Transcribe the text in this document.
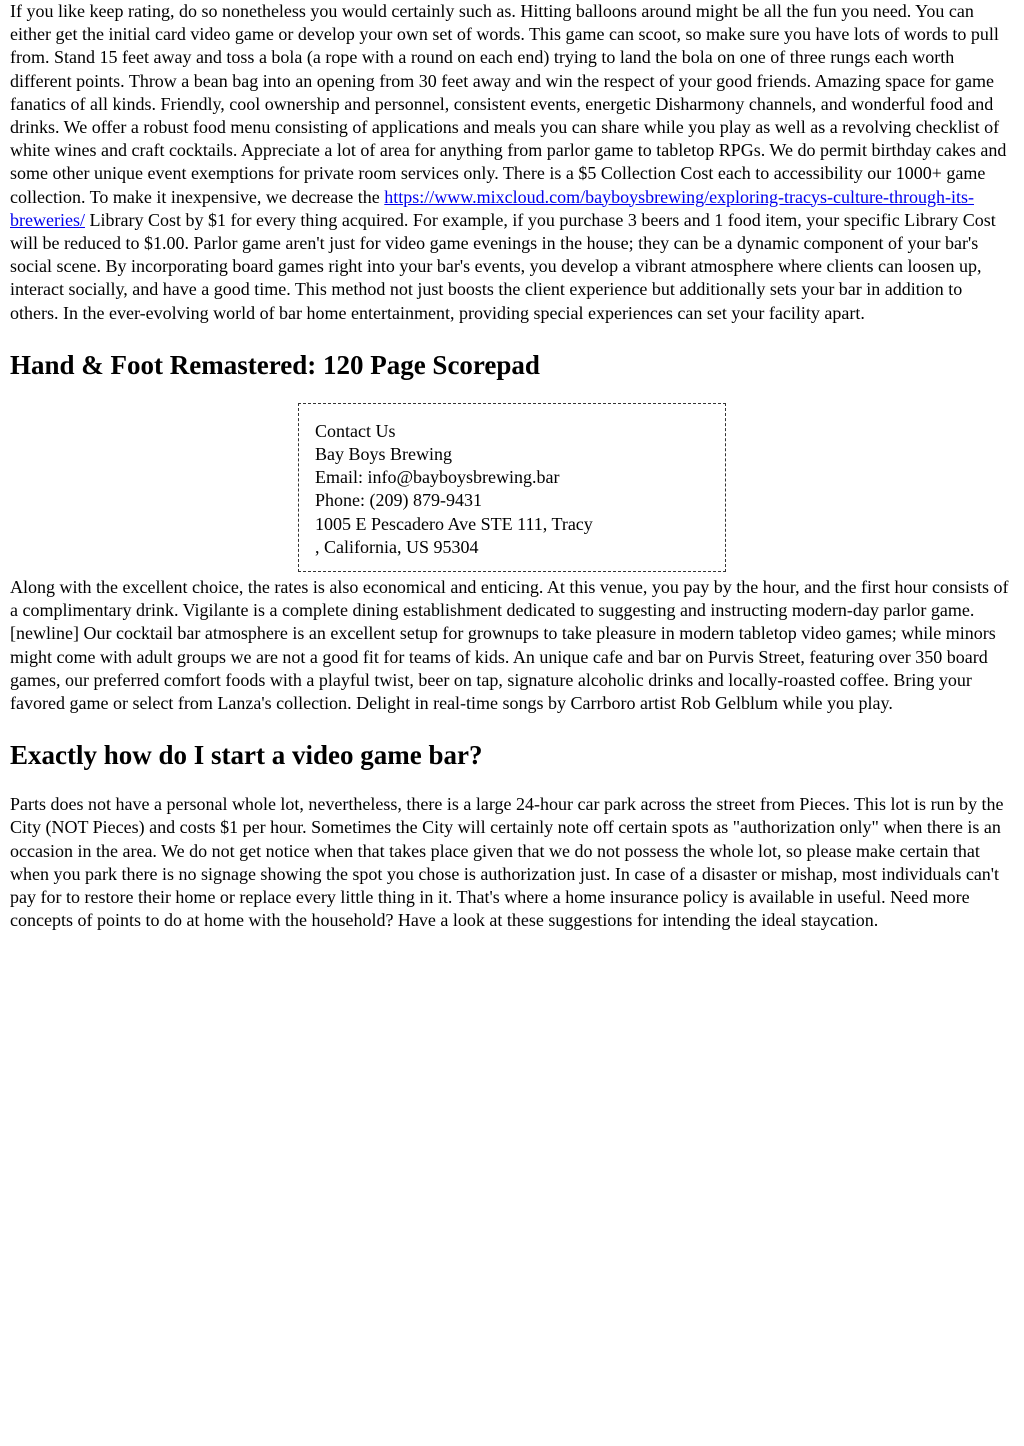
If you like keep rating, do so nonetheless you would certainly such as. Hitting balloons around might be all the fun you need. You can either get the initial card video game or develop your own set of words. This game can scoot, so make sure you have lots of words to pull from. Stand 15 feet away and toss a bola (a rope with a round on each end) trying to land the bola on one of three rungs each worth different points. Throw a bean bag into an opening from 30 feet away and win the respect of your good friends. Amazing space for game fanatics of all kinds. Friendly, cool ownership and personnel, consistent events, energetic Disharmony channels, and wonderful food and drinks. We offer a robust food menu consisting of applications and meals you can share while you play as well as a revolving checklist of white wines and craft cocktails. Appreciate a lot of area for anything from parlor game to tabletop RPGs. We do permit birthday cakes and some other unique event exemptions for private room services only. There is a $5 Collection Cost each to accessibility our 1000+ game collection. To make it inexpensive, we decrease the https://www.mixcloud.com/bayboysbrewing/exploring-tracys-culture-through-its-breweries/ Library Cost by $1 for every thing acquired. For example, if you purchase 3 beers and 1 food item, your specific Library Cost will be reduced to $1.00. Parlor game aren't just for video game evenings in the house; they can be a dynamic component of your bar's social scene. By incorporating board games right into your bar's events, you develop a vibrant atmosphere where clients can loosen up, interact socially, and have a good time. This method not just boosts the client experience but additionally sets your bar in addition to others. In the ever-evolving world of bar home entertainment, providing special experiences can set your facility apart.

Hand & Foot Remastered: 120 Page Scorepad
Contact Us
Bay Boys Brewing
Email: info@bayboysbrewing.bar
Phone: (209) 879-9431
1005 E Pescadero Ave STE 111, Tracy
, California, US 95304

Along with the excellent choice, the rates is also economical and enticing. At this venue, you pay by the hour, and the first hour consists of a complimentary drink. Vigilante is a complete dining establishment dedicated to suggesting and instructing modern-day parlor game. [newline] Our cocktail bar atmosphere is an excellent setup for grownups to take pleasure in modern tabletop video games; while minors might come with adult groups we are not a good fit for teams of kids. An unique cafe and bar on Purvis Street, featuring over 350 board games, our preferred comfort foods with a playful twist, beer on tap, signature alcoholic drinks and locally-roasted coffee. Bring your favored game or select from Lanza's collection. Delight in real-time songs by Carrboro artist Rob Gelblum while you play.

Exactly how do I start a video game bar?

Parts does not have a personal whole lot, nevertheless, there is a large 24-hour car park across the street from Pieces. This lot is run by the City (NOT Pieces) and costs $1 per hour. Sometimes the City will certainly note off certain spots as "authorization only" when there is an occasion in the area. We do not get notice when that takes place given that we do not possess the whole lot, so please make certain that when you park there is no signage showing the spot you chose is authorization just. In case of a disaster or mishap, most individuals can't pay for to restore their home or replace every little thing in it. That's where a home insurance policy is available in useful. Need more concepts of points to do at home with the household? Have a look at these suggestions for intending the ideal staycation.
